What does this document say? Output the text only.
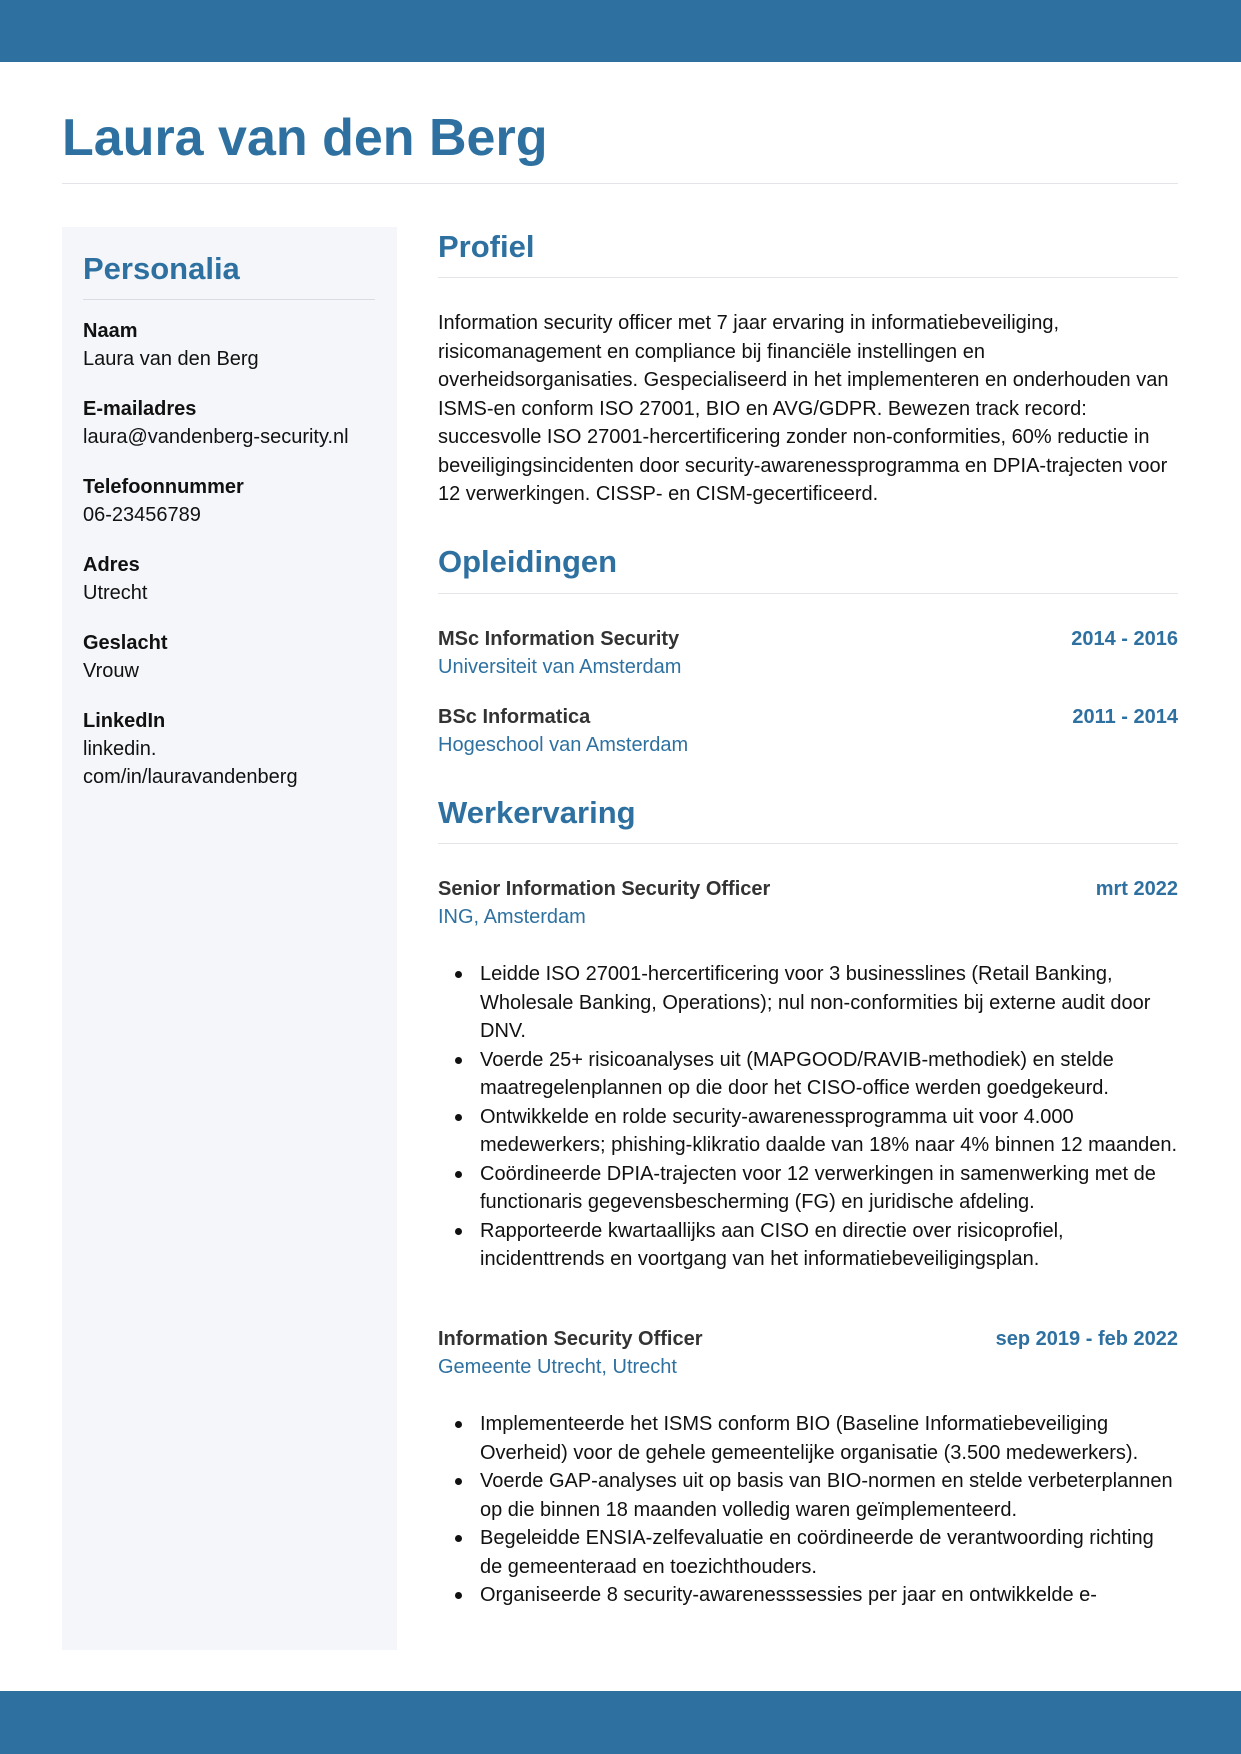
Laura van den Berg
Personalia
Naam
Laura van den Berg
E-mailadres
laura@vandenberg-security.nl
Telefoonnummer
06-23456789
Adres
Utrecht
Geslacht
Vrouw
LinkedIn
linkedin.
com/in/lauravandenberg
Profiel

Information security officer met 7 jaar ervaring in informatiebeveiliging, risicomanagement en compliance bij financiële instellingen en overheidsorganisaties. Gespecialiseerd in het implementeren en onderhouden van ISMS-en conform ISO 27001, BIO en AVG/GDPR. Bewezen track record: succesvolle ISO 27001-hercertificering zonder non-conformities, 60% reductie in beveiligingsincidenten door security-awarenessprogramma en DPIA-trajecten voor 12 verwerkingen. CISSP- en CISM-gecertificeerd.

Opleidingen
MSc Information Security	2014 - 2016
Universiteit van Amsterdam
BSc Informatica	2011 - 2014
Hogeschool van Amsterdam
Werkervaring
Senior Information Security Officer	mrt 2022
ING, Amsterdam
Leidde ISO 27001-hercertificering voor 3 businesslines (Retail Banking, Wholesale Banking, Operations); nul non-conformities bij externe audit door DNV.
Voerde 25+ risicoanalyses uit (MAPGOOD/RAVIB-methodiek) en stelde maatregelenplannen op die door het CISO-office werden goedgekeurd.
Ontwikkelde en rolde security-awarenessprogramma uit voor 4.000 medewerkers; phishing-klikratio daalde van 18% naar 4% binnen 12 maanden.
Coördineerde DPIA-trajecten voor 12 verwerkingen in samenwerking met de functionaris gegevensbescherming (FG) en juridische afdeling.
Rapporteerde kwartaallijks aan CISO en directie over risicoprofiel, incidenttrends en voortgang van het informatiebeveiligingsplan.
Information Security Officer	sep 2019 - feb 2022
Gemeente Utrecht, Utrecht
Implementeerde het ISMS conform BIO (Baseline Informatiebeveiliging Overheid) voor de gehele gemeentelijke organisatie (3.500 medewerkers).
Voerde GAP-analyses uit op basis van BIO-normen en stelde verbeterplannen op die binnen 18 maanden volledig waren geïmplementeerd.
Begeleidde ENSIA-zelfevaluatie en coördineerde de verantwoording richting de gemeenteraad en toezichthouders.
Organiseerde 8 security-awarenesssessies per jaar en ontwikkelde e-
